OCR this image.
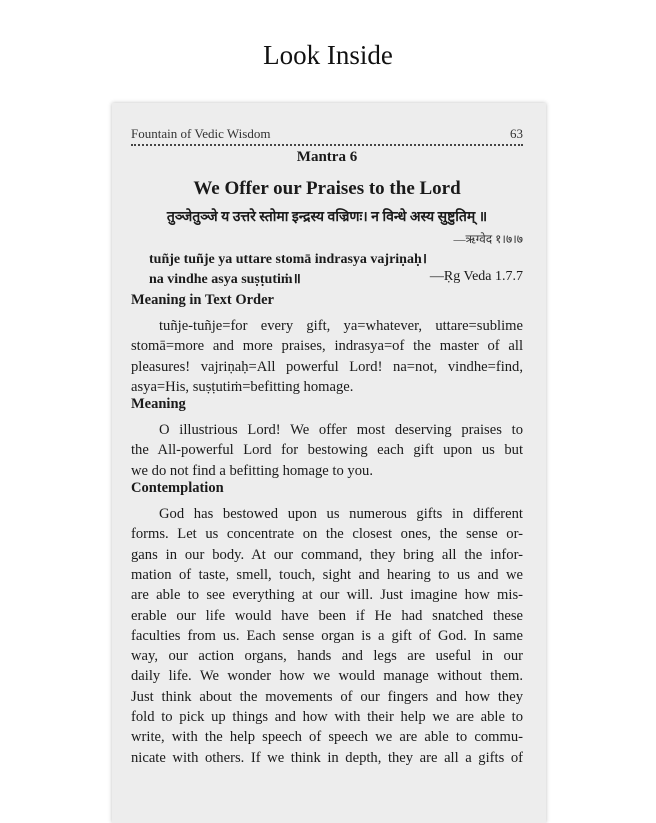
Look Inside
Fountain of Vedic Wisdom	63
Mantra 6
We Offer our Praises to the Lord
तुञ्जेतुञ्जे य उत्तरे स्तोमा इन्द्रस्य वज्रिणः। न विन्धे अस्य सुष्टुतिम् ॥
—ऋग्वेद १।७।७
tuñje tuñje ya uttare stomā indrasya vajriṇaḥ।
na vindhe asya suṣṭutiṁ॥	—Ṛg Veda 1.7.7
Meaning in Text Order
tuñje-tuñje=for every gift, ya=whatever, uttare=sublime
stomā=more and more praises, indrasya=of the master of all
pleasures! vajriṇaḥ=All powerful Lord! na=not, vindhe=find,
asya=His, suṣṭutiṁ=befitting homage.
Meaning
O illustrious Lord! We offer most deserving praises to
the All-powerful Lord for bestowing each gift upon us but
we do not find a befitting homage to you.
Contemplation
God has bestowed upon us numerous gifts in different
forms. Let us concentrate on the closest ones, the sense or-
gans in our body. At our command, they bring all the infor-
mation of taste, smell, touch, sight and hearing to us and we
are able to see everything at our will. Just imagine how mis-
erable our life would have been if He had snatched these
faculties from us. Each sense organ is a gift of God. In same
way, our action organs, hands and legs are useful in our
daily life. We wonder how we would manage without them.
Just think about the movements of our fingers and how they
fold to pick up things and how with their help we are able to
write, with the help speech of speech we are able to commu-
nicate with others. If we think in depth, they are all a gifts of
